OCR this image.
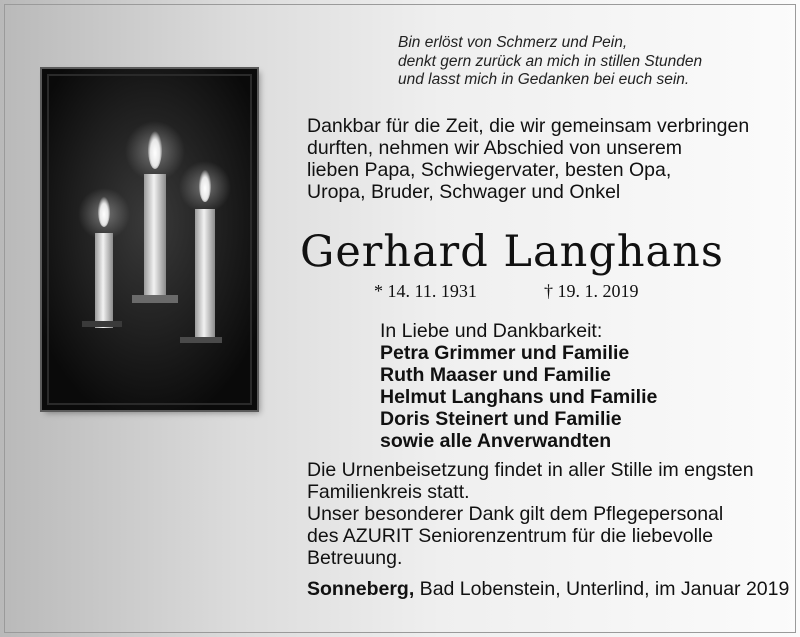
Bin erlöst von Schmerz und Pein,
denkt gern zurück an mich in stillen Stunden
und lasst mich in Gedanken bei euch sein.
Dankbar für die Zeit, die wir gemeinsam verbringen
durften, nehmen wir Abschied von unserem
lieben Papa, Schwiegervater, besten Opa,
Uropa, Bruder, Schwager und Onkel
Gerhard Langhans
* 14. 11. 1931	† 19. 1. 2019
In Liebe und Dankbarkeit:
Petra Grimmer und Familie
Ruth Maaser und Familie
Helmut Langhans und Familie
Doris Steinert und Familie
sowie alle Anverwandten
Die Urnenbeisetzung findet in aller Stille im engsten
Familienkreis statt.
Unser besonderer Dank gilt dem Pflegepersonal
des AZURIT Seniorenzentrum für die liebevolle
Betreuung.
Sonneberg, Bad Lobenstein, Unterlind, im Januar 2019
